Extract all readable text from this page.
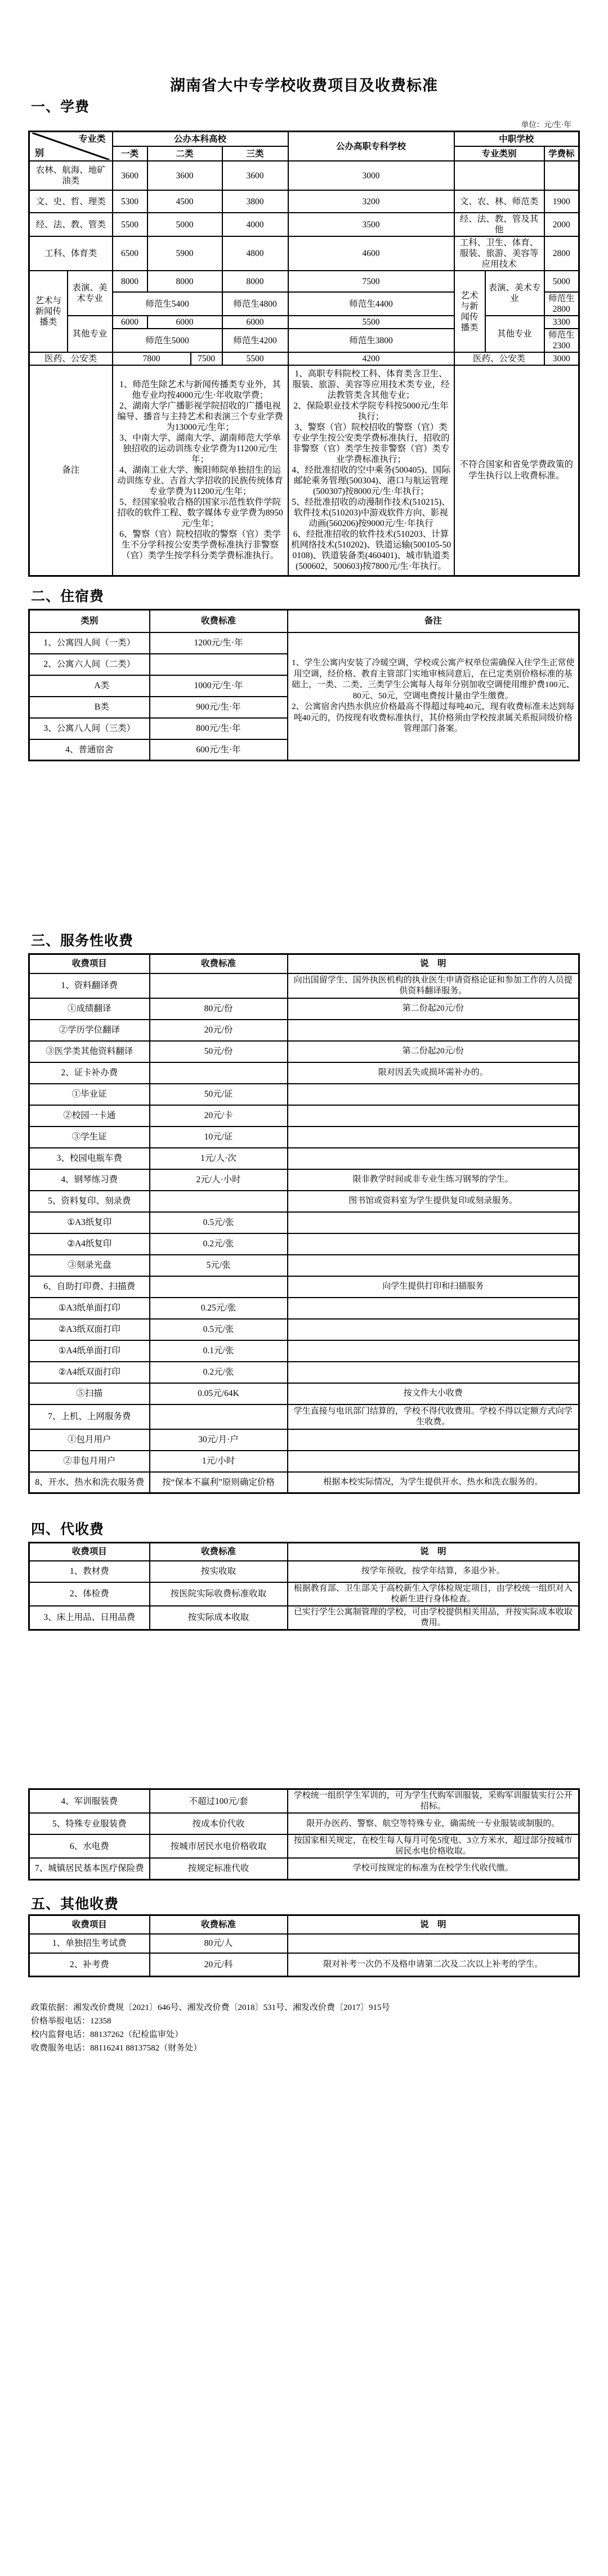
湖南省大中专学校收费项目及收费标准
一、学费
单位：元/生·年
专业类
别		公办本科高校				公办高职专科学校	中职学校		
		一类	二类		三类		专业类别		学费标
农林、航海、地矿油类		3600	3600		3600	3000			
文、史、哲、理类		5300	4500		3800	3200	文、农、林、师范类		1900
经、法、教、管类		5500	5000		4000	3500	经、法、教、管及其他		2000
工科、体育类		6500	5900		4800	4600	工科、卫生、体育、服装、旅游、美容等应用技术		2800
艺术与新闻传播类	表演、美术专业	8000	8000		8000	7500	艺术与新闻传播类	表演、美术专业	5000
		师范生5400			师范生4800	师范生4400			师范生2800
	其他专业	6000	6000		6000	5500		其他专业	3300
		师范生5000			师范生4200	师范生3800			师范生2300
医药、公安类		7800		7500	5500	4200	医药、公安类		3000
备注	
1、师范生除艺术与新闻传播类专业外，其他专业均按4000元/生·年收取学费；
2、湖南大学广播影视学院招收的广播电视编导、播音与主持艺术和表演三个专业学费为13000元/生年；
3、中南大学、湖南大学、湖南师范大学单独招收的运动训练专业学费为11200元/生年；
4、湖南工业大学、衡阳师院单独招生的运动训练专业、吉首大学招收的民族传统体育专业学费为11200元/生年；
5、经国家验收合格的国家示范性软件学院招收的软件工程、数字媒体专业学费为8950元/生年；
6、警察（官）院校招收的警察（官）类学生不分学科按公安类学费标准执行非警察（官）类学生按学科分类学费标准执行。

1、高职专科院校工科、体育类含卫生、服装、旅游、美容等应用技术类专业，经法教管类含其他专业；
2、保险职业技术学院专科按5000元/生年执行；
3、警察（官）院校招收的警察（官）类专业学生按公安类学费标准执行，招收的非警察（官）类学生按非警察（官）类专业学费标准执行；
4、经批准招收的空中乘务(500405)、国际邮轮乘务管理(500304)、港口与航运管理(500307)按8000元/生·年执行；
5、经批准招收的动漫制作技术(510215)、软件技术(510203)中游戏软件方向、影视动画(560206)按9000元/生·年执行
6、经批准招收的软件技术(510203、计算机网络技术(510202)、铁道运输(500105-500108)、铁道装备类(460401)、城市轨道类(500602，500603)按7800元/生·年执行。
	不符合国家和省免学费政策的学生执行以上收费标准。
二、住宿费
类别	收费标准	备注
1、公寓四人间（一类）	1200元/生·年	1、学生公寓内安装了冷暖空调，学校或公寓产权单位需确保入住学生正常使用空调，经价格、教育主管部门实地审核同意后，在已定类别价格标准的基础上，一类、二类、三类学生公寓每人每年分别加收空调使用维护费100元、80元、50元，空调电费按计量由学生缴费。
2、公寓宿舍内热水供应价格最高不得超过每吨40元，现有收费标准未达到每吨40元的，仍按现有收费标准执行，其价格须由学校按隶属关系报同级价格管理部门备案。

2、公寓六人间（二类）		
A类	1000元/生·年	
B类	900元/生·年	
3、公寓八人间（三类）	800元/生·年	
4、普通宿舍	600元/生·年	
三、服务性收费
收费项目	收费标准	说　明
1、资料翻译费		向出国留学生、国外执医机构的执业医生申请资格论证和参加工作的人员提供资料翻译服务。
①成绩翻译	80元/份	第二份起20元/份
②学历学位翻译	20元/份	
③医学类其他资料翻译	50元/份	第二份起20元/份
2、证卡补办费		限对因丢失或损坏需补办的。
①毕业证	50元/证	
②校园一卡通	20元/卡	
③学生证	10元/证	
3、校园电瓶车费	1元/人·次	
4、钢琴练习费	2元/人·小时	限非教学时间或非专业生练习钢琴的学生。
5、资料复印、刻录费		图书馆或资料室为学生提供复印或刻录服务。
①A3纸复印	0.5元/张	
②A4纸复印	0.2元/张	
③刻录光盘	5元/张	
6、自助打印费、扫描费		向学生提供打印和扫描服务
①A3纸单面打印	0.25元/张	
②A3纸双面打印	0.5元/张	
①A4纸单面打印	0.1元/张	
②A4纸双面打印	0.2元/张	
⑤扫描	0.05元/64K	按文件大小收费
7、上机、上网服务费		学生直接与电讯部门结算的，学校不得代收费用。学校不得以定额方式向学生收费。
①包月用户	30元/月·户	
②非包月用户	1元/小时	
8、开水、热水和洗衣服务费	按“保本不赢利”原则确定价格	根据本校实际情况，为学生提供开水、热水和洗衣服务的。
四、代收费
收费项目	收费标准	说　明
1、教材费	按实收取	按学年预收，按学年结算，多退少补。
2、体检费	按医院实际收费标准收取	根据教育部、卫生部关于高校新生入学体检规定项目，由学校统一组织对入校新生进行身体检查。
3、床上用品、日用品费	按实际成本收取	已实行学生公寓制管理的学校，可由学校提供相关用品，并按实际成本收取费用。
4、军训服装费	不超过100元/套	学校统一组织学生军训的，可为学生代购军训服装，采购军训服装实行公开招标。
5、特殊专业服装费	按成本价代收	限开办医药、警察、航空等特殊专业，确需统一专业服装或制服的。
6、水电费	按城市居民水电价格收取	按国家相关规定，在校生每人每月可免5度电、3立方米水，超过部分按城市居民水电价格收取。
7、城镇居民基本医疗保险费	按规定标准代收	学校可按规定的标准为在校学生代收代缴。
五、其他收费
收费项目	收费标准	说　明
1、单独招生考试费	80元/人	
2、补考费	20元/科	限对补考一次仍不及格申请第二次及二次以上补考的学生。
政策依据：湘发改价费规〔2021〕646号、湘发改价费〔2018〕531号、湘发改价费〔2017〕915号
价格举报电话：12358
校内监督电话：88137262（纪检监审处）
收费服务电话：88116241 88137582（财务处）
